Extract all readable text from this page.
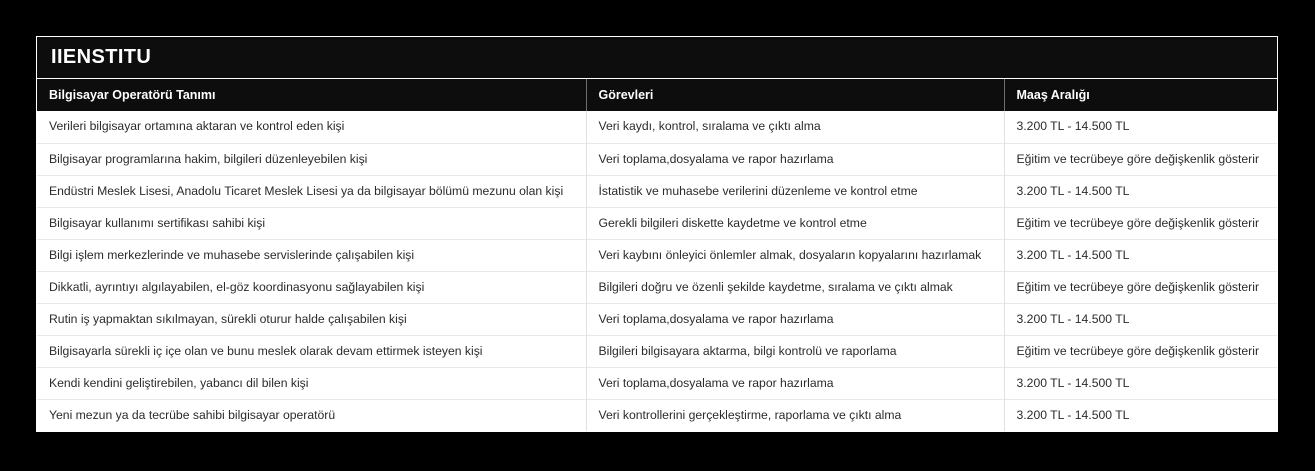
IIENSTITU
Bilgisayar Operatörü Tanımı	Görevleri	Maaş Aralığı
Verileri bilgisayar ortamına aktaran ve kontrol eden kişi	Veri kaydı, kontrol, sıralama ve çıktı alma	3.200 TL - 14.500 TL
Bilgisayar programlarına hakim, bilgileri düzenleyebilen kişi	Veri toplama,dosyalama ve rapor hazırlama	Eğitim ve tecrübeye göre değişkenlik gösterir
Endüstri Meslek Lisesi, Anadolu Ticaret Meslek Lisesi ya da bilgisayar bölümü mezunu olan kişi	İstatistik ve muhasebe verilerini düzenleme ve kontrol etme	3.200 TL - 14.500 TL
Bilgisayar kullanımı sertifikası sahibi kişi	Gerekli bilgileri diskette kaydetme ve kontrol etme	Eğitim ve tecrübeye göre değişkenlik gösterir
Bilgi işlem merkezlerinde ve muhasebe servislerinde çalışabilen kişi	Veri kaybını önleyici önlemler almak, dosyaların kopyalarını hazırlamak	3.200 TL - 14.500 TL
Dikkatli, ayrıntıyı algılayabilen, el-göz koordinasyonu sağlayabilen kişi	Bilgileri doğru ve özenli şekilde kaydetme, sıralama ve çıktı almak	Eğitim ve tecrübeye göre değişkenlik gösterir
Rutin iş yapmaktan sıkılmayan, sürekli oturur halde çalışabilen kişi	Veri toplama,dosyalama ve rapor hazırlama	3.200 TL - 14.500 TL
Bilgisayarla sürekli iç içe olan ve bunu meslek olarak devam ettirmek isteyen kişi	Bilgileri bilgisayara aktarma, bilgi kontrolü ve raporlama	Eğitim ve tecrübeye göre değişkenlik gösterir
Kendi kendini geliştirebilen, yabancı dil bilen kişi	Veri toplama,dosyalama ve rapor hazırlama	3.200 TL - 14.500 TL
Yeni mezun ya da tecrübe sahibi bilgisayar operatörü	Veri kontrollerini gerçekleştirme, raporlama ve çıktı alma	3.200 TL - 14.500 TL
